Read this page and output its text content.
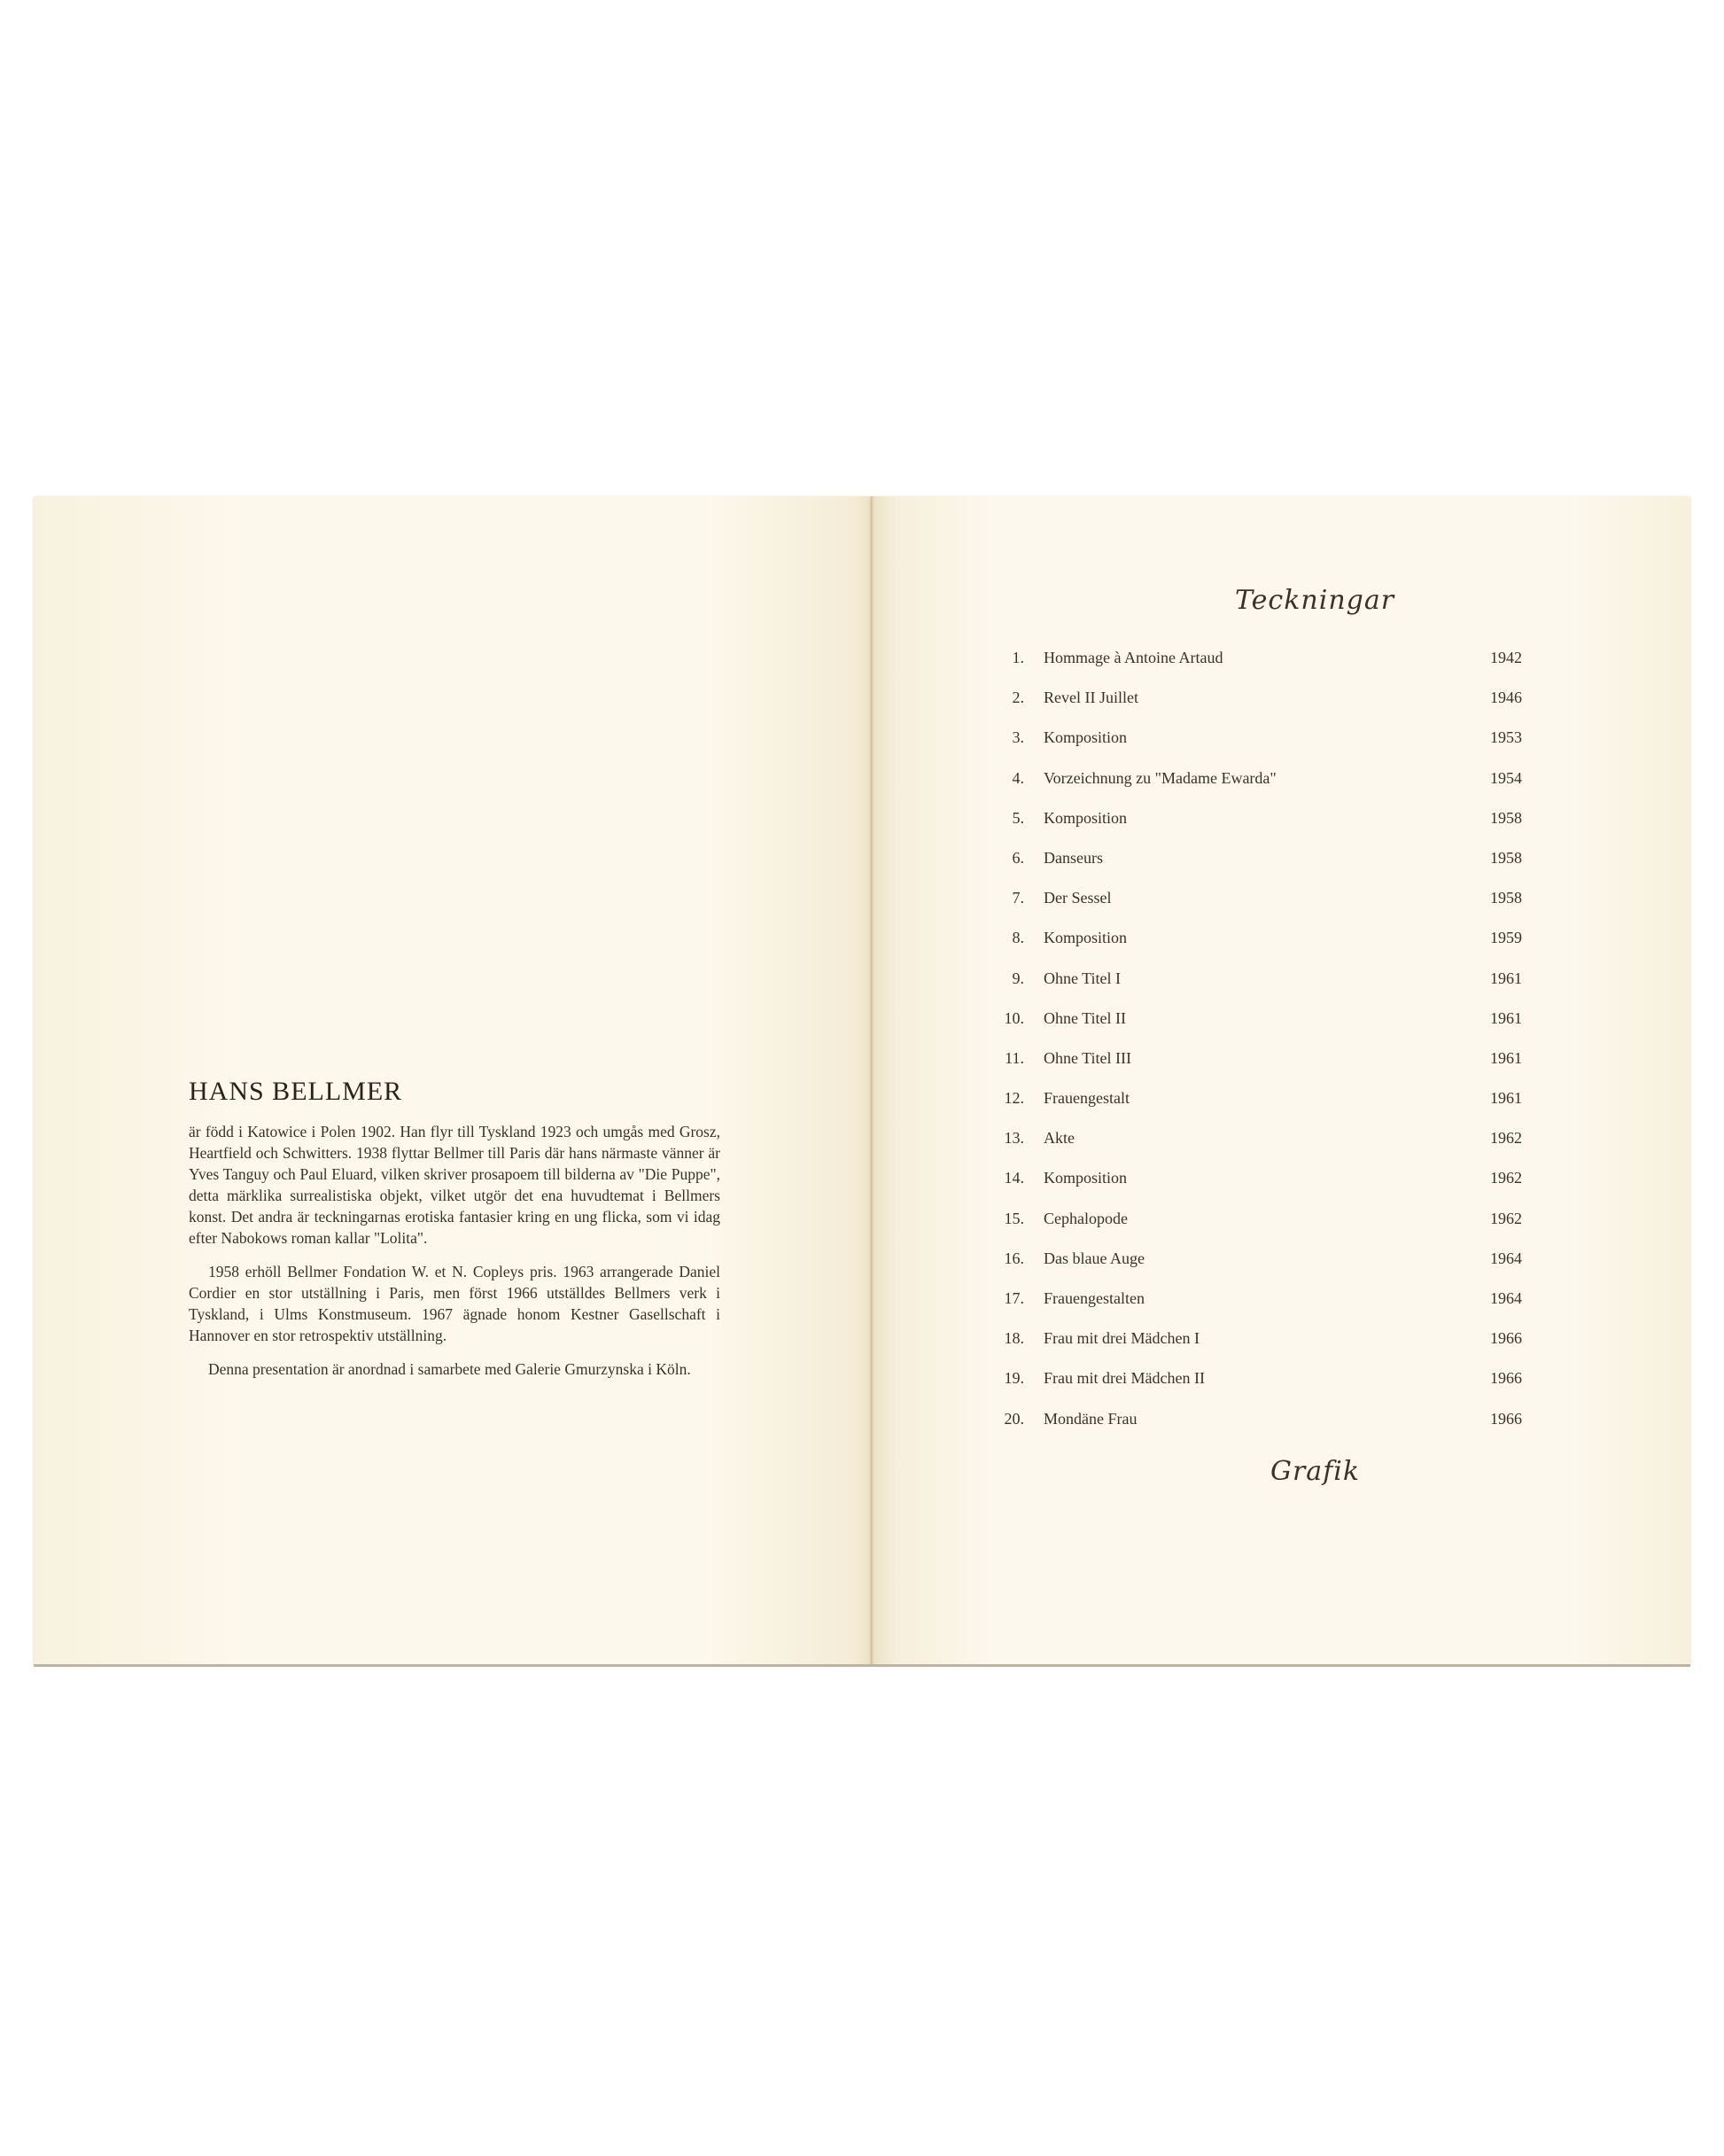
HANS BELLMER

är född i Katowice i Polen 1902. Han flyr till Tyskland 1923 och umgås med Grosz, Heartfield och Schwitters. 1938 flyttar Bellmer till Paris där hans närmaste vänner är Yves Tanguy och Paul Eluard, vilken skriver prosapoem till bilderna av "Die Puppe", detta märklika surrealistiska objekt, vilket utgör det ena huvudtemat i Bellmers konst. Det andra är teckningarnas erotiska fantasier kring en ung flicka, som vi idag efter Nabokows roman kallar "Lolita".

1958 erhöll Bellmer Fondation W. et N. Copleys pris. 1963 arrangerade Daniel Cordier en stor utställning i Paris, men först 1966 utställdes Bellmers verk i Tyskland, i Ulms Konstmuseum. 1967 ägnade honom Kestner Gasellschaft i Hannover en stor retrospektiv utställning.

Denna presentation är anordnad i samarbete med Galerie Gmurzynska i Köln.

Teckningar
1. Hommage à Antoine Artaud	1942
2. Revel II Juillet	1946
3. Komposition	1953
4. Vorzeichnung zu "Madame Ewarda"	1954
5. Komposition	1958
6. Danseurs	1958
7. Der Sessel	1958
8. Komposition	1959
9. Ohne Titel I	1961
10. Ohne Titel II	1961
11. Ohne Titel III	1961
12. Frauengestalt	1961
13. Akte	1962
14. Komposition	1962
15. Cephalopode	1962
16. Das blaue Auge	1964
17. Frauengestalten	1964
18. Frau mit drei Mädchen I	1966
19. Frau mit drei Mädchen II	1966
20. Mondäne Frau	1966
Grafik
